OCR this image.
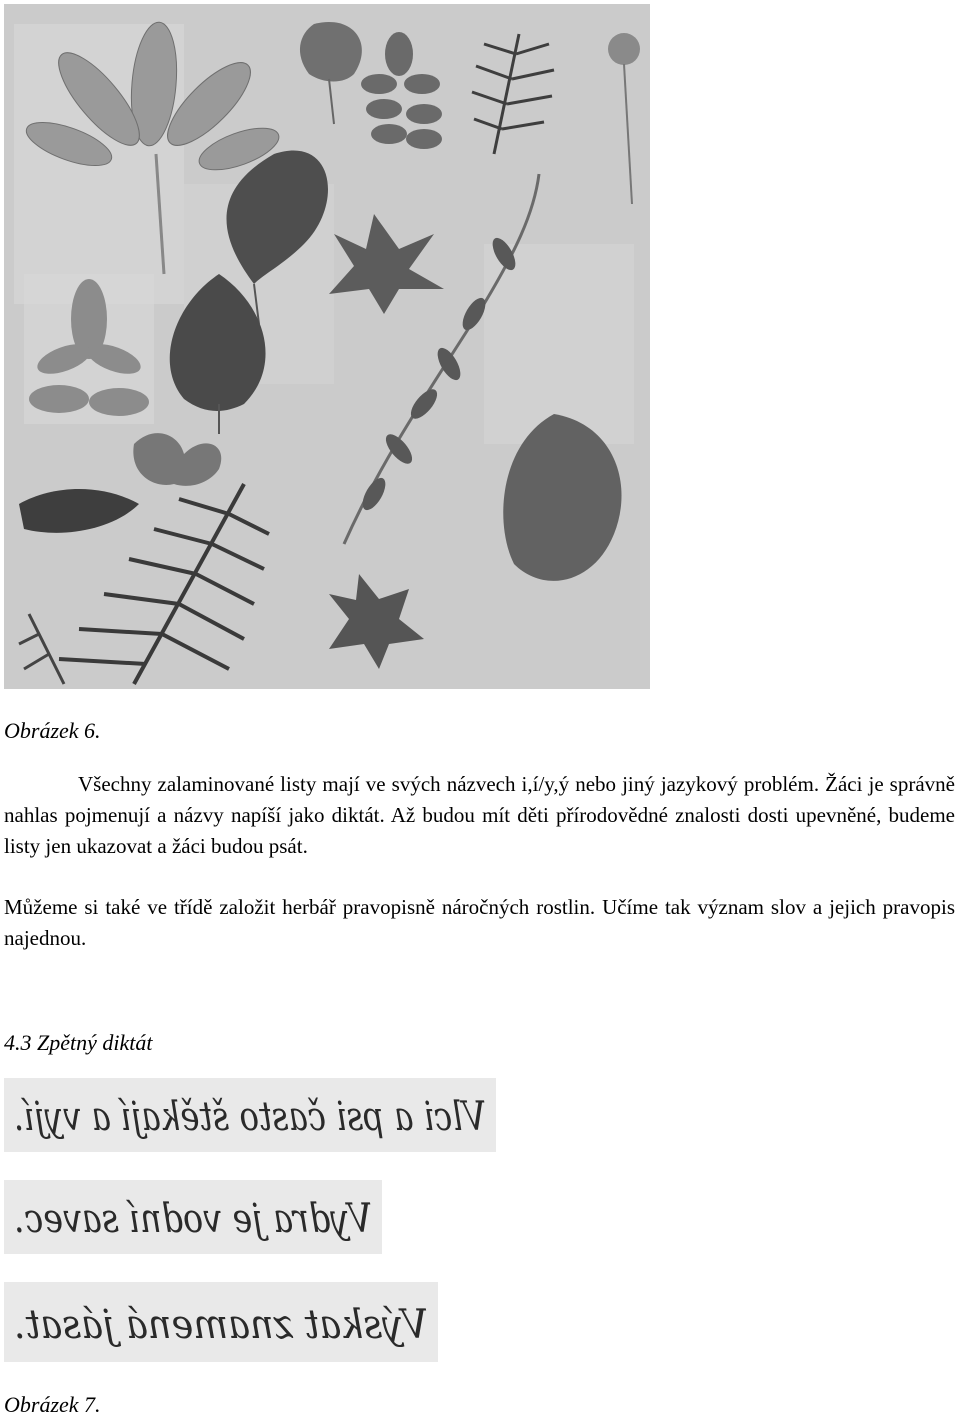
Obrázek 6.

Všechny zalaminované listy mají ve svých názvech i,í/y,ý nebo jiný jazykový problém. Žáci je správně nahlas pojmenují a názvy napíší jako diktát. Až budou mít děti přírodovědné znalosti dosti upevněné, budeme listy jen ukazovat a žáci budou psát.

Můžeme si také ve třídě založit herbář pravopisně náročných rostlin. Učíme tak význam slov a jejich pravopis najednou.

4.3 Zpětný diktát
Vlci a psi často štěkají a vyjí.
Vydra je vodní savec.
Výskat znamená jásat.
Obrázek 7.
